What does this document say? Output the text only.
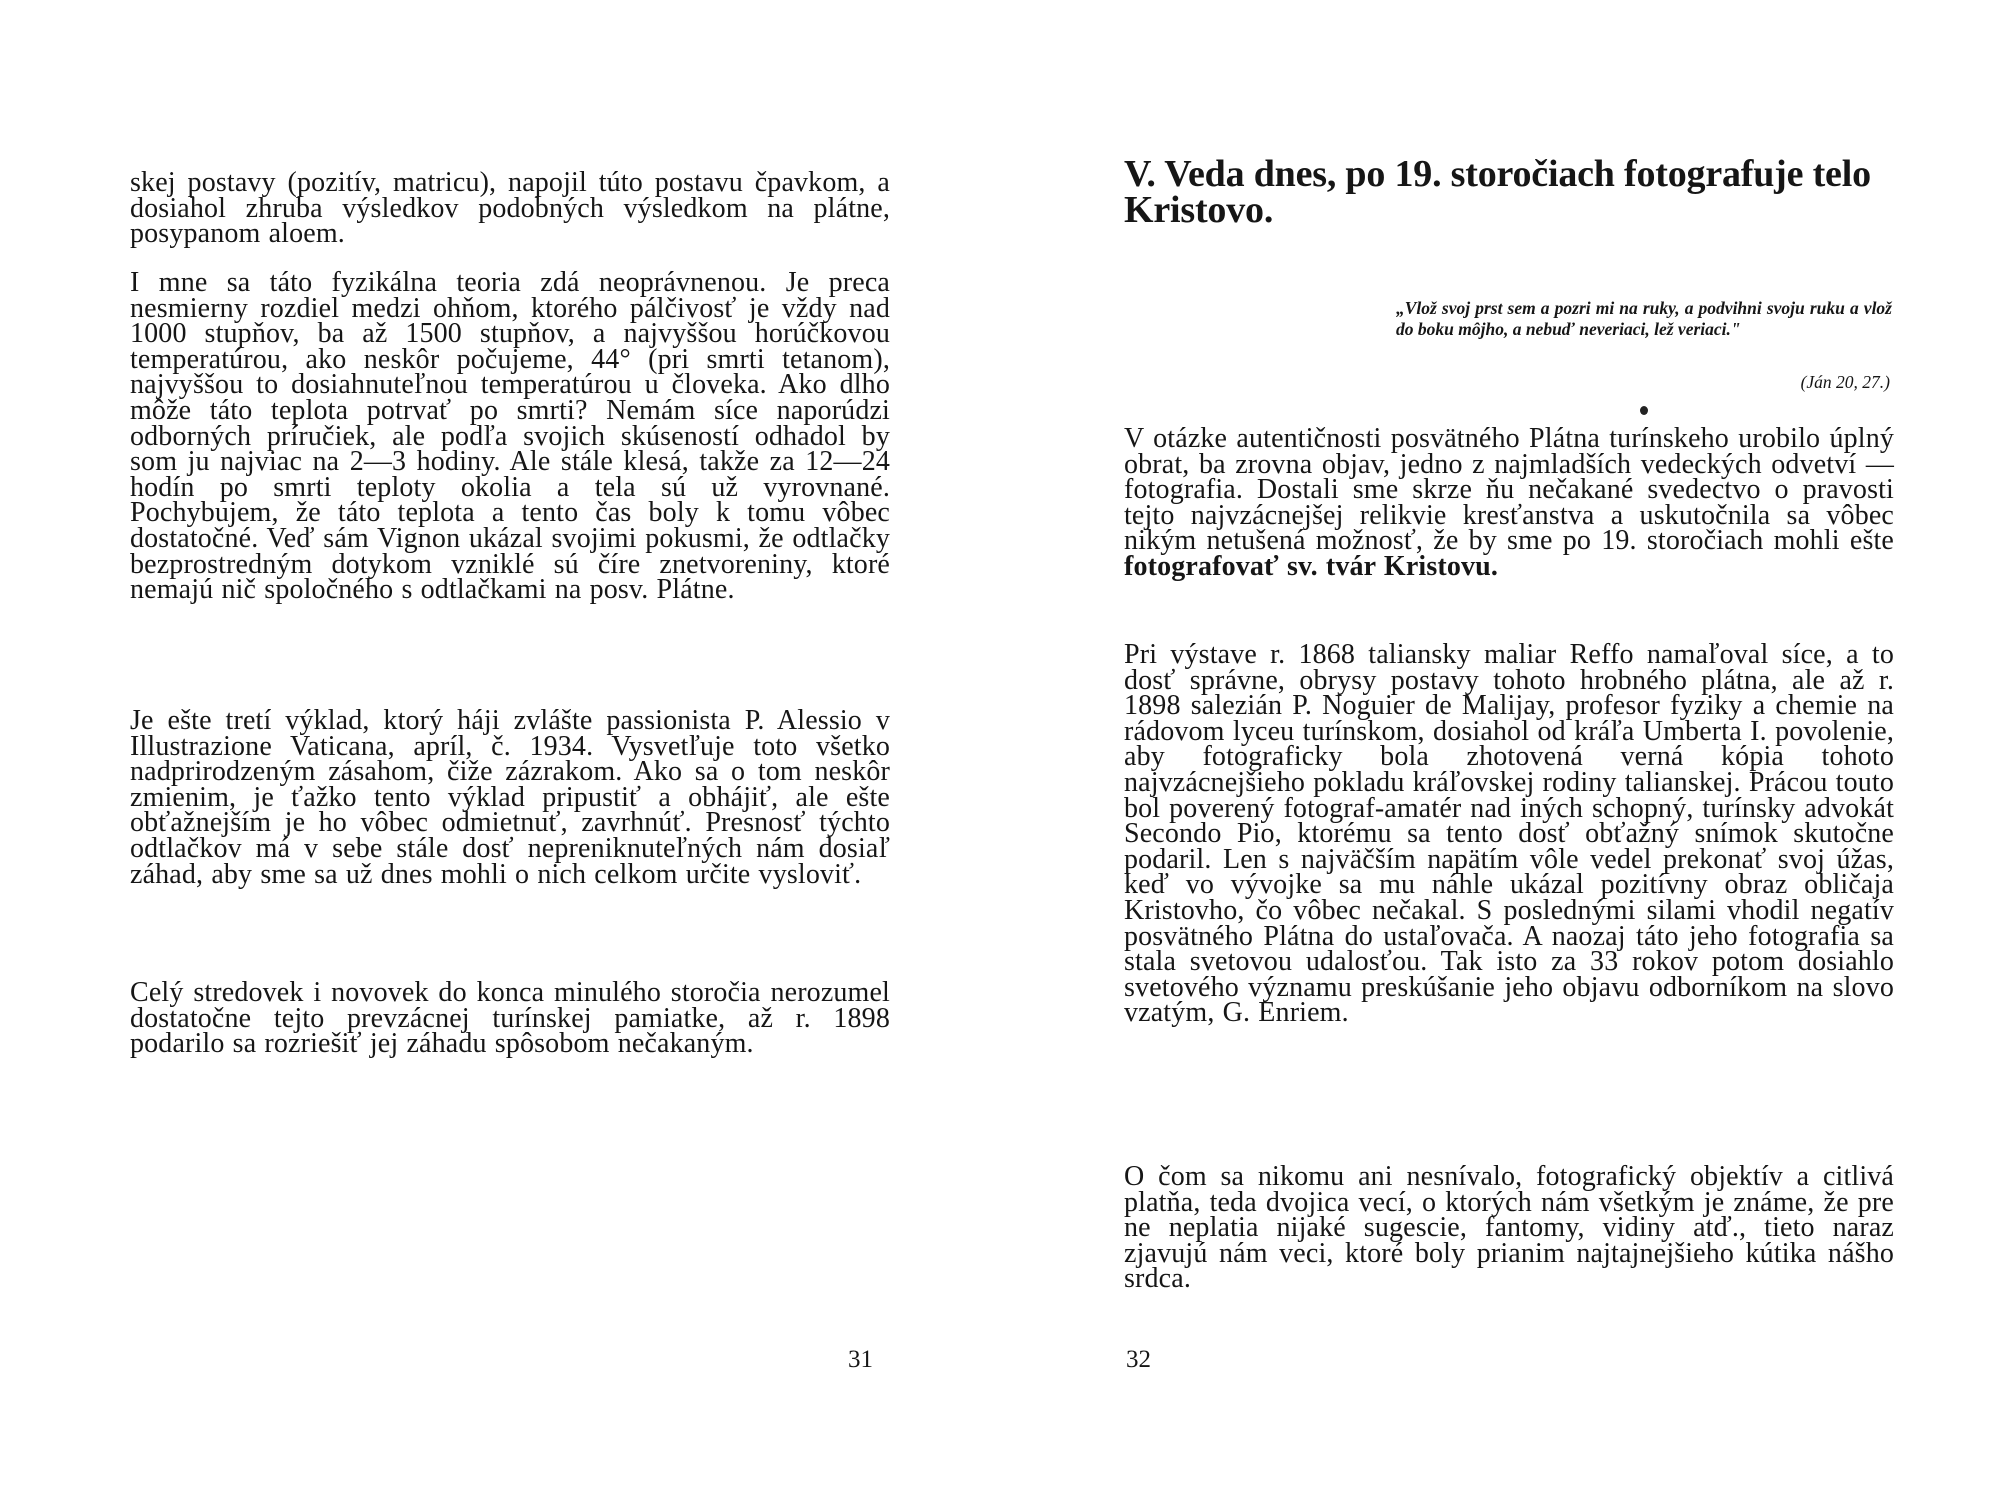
skej postavy (pozitív, matricu), napojil túto postavu čpavkom, a dosiahol zhruba výsledkov podobných výsledkom na plátne, posypanom aloem.

I mne sa táto fyzikálna teoria zdá neoprávnenou. Je preca nesmierny rozdiel medzi ohňom, ktorého pálčivosť je vždy nad 1000 stupňov, ba až 1500 stupňov, a najvyššou horúčkovou temperatúrou, ako neskôr počujeme, 44° (pri smrti tetanom), najvyššou to dosiahnuteľnou temperatúrou u človeka. Ako dlho môže táto teplota potrvať po smrti? Nemám síce naporúdzi odborných príručiek, ale podľa svojich skúseností odhadol by som ju najviac na 2—3 hodiny. Ale stále klesá, takže za 12—24 hodín po smrti teploty okolia a tela sú už vyrovnané. Pochybujem, že táto teplota a tento čas boly k tomu vôbec dostatočné. Veď sám Vignon ukázal svojimi pokusmi, že odtlačky bezprostredným dotykom vzniklé sú číre znetvoreniny, ktoré nemajú nič spoločného s odtlačkami na posv. Plátne.

Je ešte tretí výklad, ktorý háji zvlášte passionista P. Alessio v Illustrazione Vaticana, apríl, č. 1934. Vysvetľuje toto všetko nadprirodzeným zásahom, čiže zázrakom. Ako sa o tom neskôr zmienim, je ťažko tento výklad pripustiť a obhájiť, ale ešte obťažnejším je ho vôbec odmietnuť, zavrhnúť. Presnosť týchto odtlačkov má v sebe stále dosť nepreniknuteľných nám dosiaľ záhad, aby sme sa už dnes mohli o nich celkom určite vysloviť.

Celý stredovek i novovek do konca minulého storočia nerozumel dostatočne tejto prevzácnej turínskej pamiatke, až r. 1898 podarilo sa rozriešiť jej záhadu spôsobom nečakaným.

31

V. Veda dnes, po 19. storočiach fotografuje telo Kristovo.

„Vlož svoj prst sem a pozri mi na ruky, a podvihni svoju ruku a vlož do boku môjho, a nebuď neveriaci, lež veriaci."

(Ján 20, 27.)

V otázke autentičnosti posvätného Plátna turínskeho urobilo úplný obrat, ba zrovna objav, jedno z najmladších vedeckých odvetví — fotografia. Dostali sme skrze ňu nečakané svedectvo o pravosti tejto najvzácnejšej relikvie kresťanstva a uskutočnila sa vôbec nikým netušená možnosť, že by sme po 19. storočiach mohli ešte fotografovať sv. tvár Kristovu.

Pri výstave r. 1868 taliansky maliar Reffo namaľoval síce, a to dosť správne, obrysy postavy tohoto hrobného plátna, ale až r. 1898 salezián P. Noguier de Malijay, profesor fyziky a chemie na rádovom lyceu turínskom, dosiahol od kráľa Umberta I. povolenie, aby fotograficky bola zhotovená verná kópia tohoto najvzácnejšieho pokladu kráľovskej rodiny talianskej. Prácou touto bol poverený fotograf-amatér nad iných schopný, turínsky advokát Secondo Pio, ktorému sa tento dosť obťažný snímok skutočne podaril. Len s najväčším napätím vôle vedel prekonať svoj úžas, keď vo vývojke sa mu náhle ukázal pozitívny obraz obličaja Kristovho, čo vôbec nečakal. S poslednými silami vhodil negatív posvätného Plátna do ustaľovača. A naozaj táto jeho fotografia sa stala svetovou udalosťou. Tak isto za 33 rokov potom dosiahlo svetového významu preskúšanie jeho objavu odborníkom na slovo vzatým, G. Enriem.

O čom sa nikomu ani nesnívalo, fotografický objektív a citlivá platňa, teda dvojica vecí, o ktorých nám všetkým je známe, že pre ne neplatia nijaké sugescie, fantomy, vidiny atď., tieto naraz zjavujú nám veci, ktoré boly prianim najtajnejšieho kútika nášho srdca.

32
